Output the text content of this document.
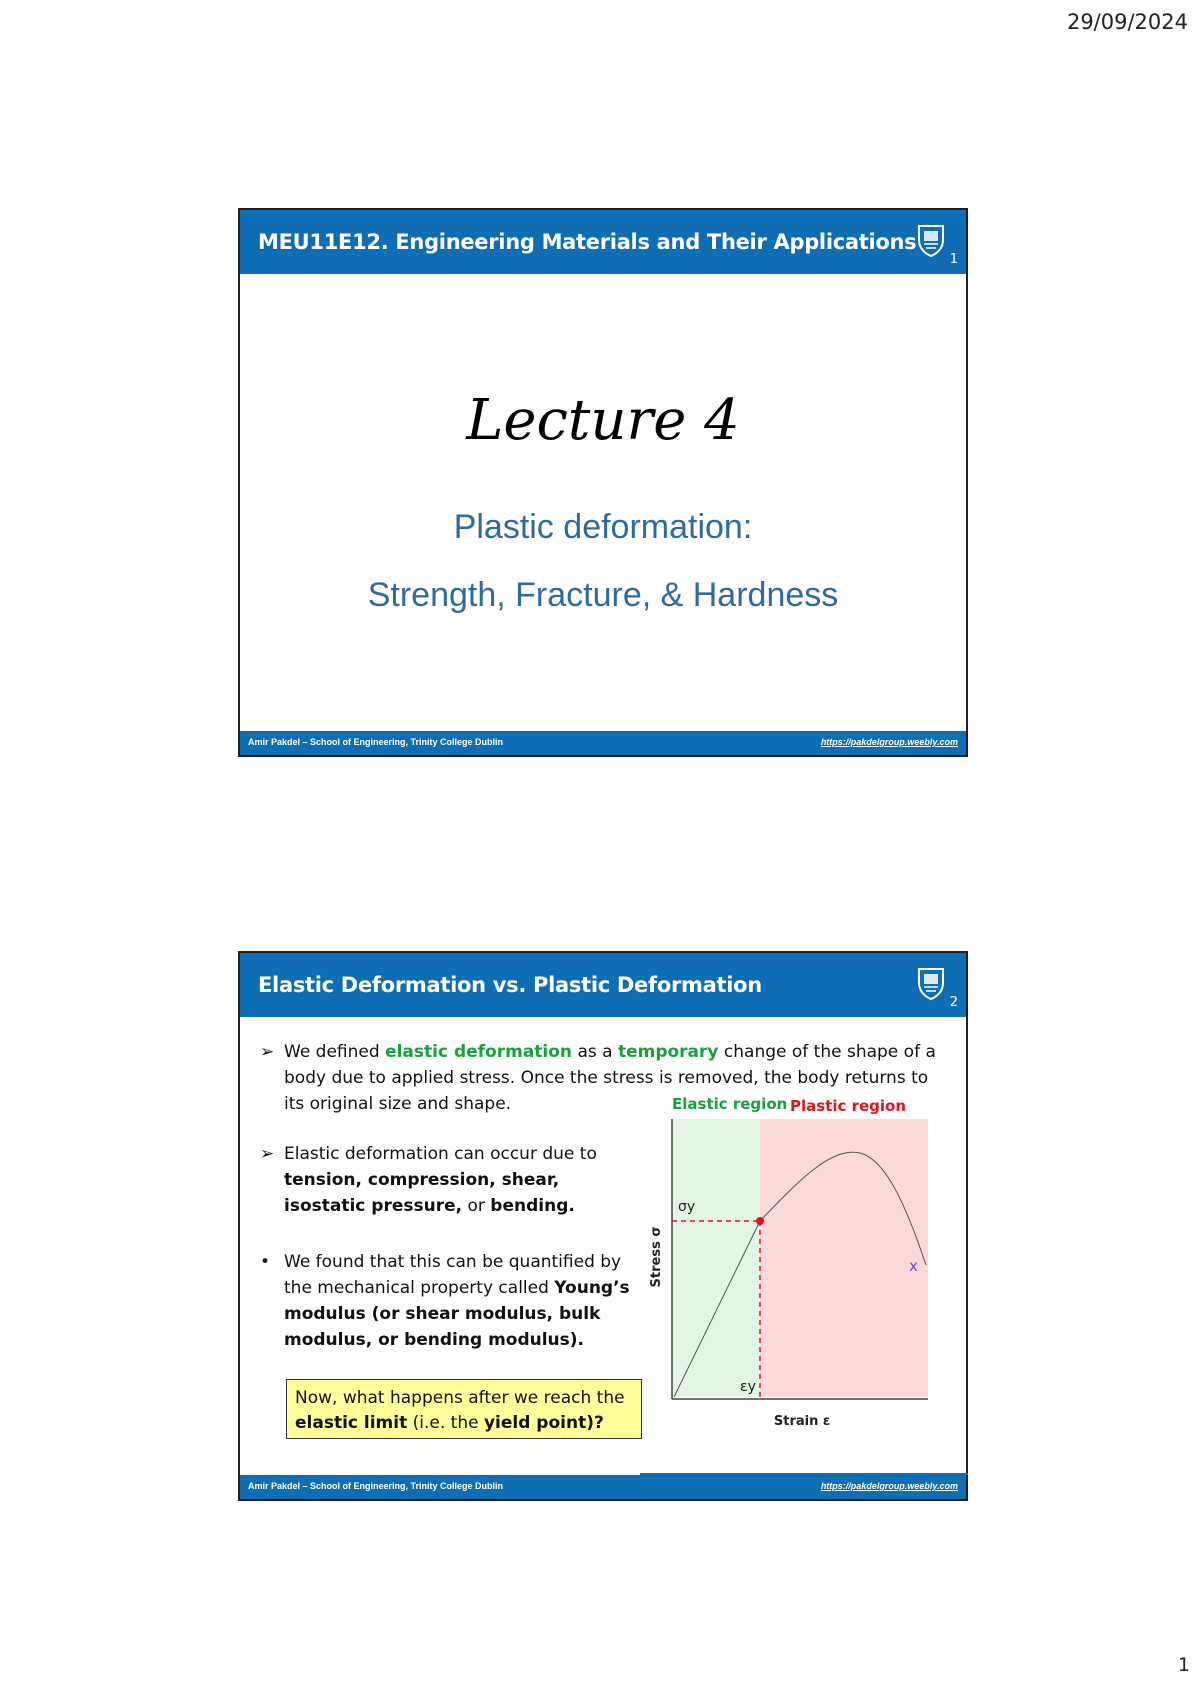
29/09/2024
MEU11E12. Engineering Materials and Their Applications
1
Lecture 4
Plastic deformation:
Strength, Fracture, & Hardness
Amir Pakdel – School of Engineering, Trinity College Dublin	https://pakdelgroup.weebly.com
Elastic Deformation vs. Plastic Deformation
2
➢ We defined elastic deformation as a temporary change of the shape of a body due to applied stress. Once the stress is removed, the body returns to its original size and shape.
➢ Elastic deformation can occur due to tension, compression, shear, isostatic pressure, or bending.
• We found that this can be quantified by the mechanical property called Young’s modulus (or shear modulus, bulk modulus, or bending modulus).
Now, what happens after we reach the elastic limit (i.e. the yield point)?
Elastic region Plastic region
σy
εy
x
Stress σ
Strain ε
Amir Pakdel – School of Engineering, Trinity College Dublin	https://pakdelgroup.weebly.com
1
